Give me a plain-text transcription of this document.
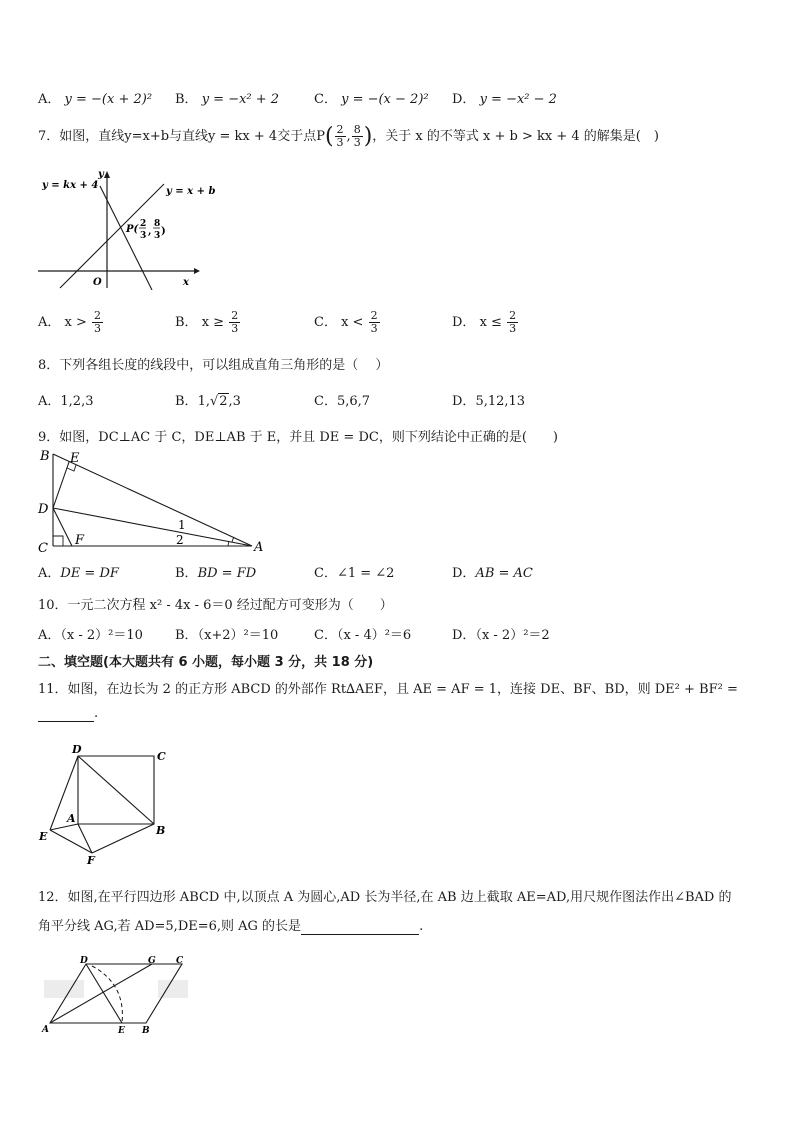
A． y = −(x + 2)² B． y = −x² + 2	C． y = −(x − 2)² D． y = −x² − 2
7．如图，直线y=x+b与直线y = kx + 4交于点$P( \frac{2}{3}$ , $\frac{8}{3}$ )，关于 x 的不等式 x + b > kx + 4 的解集是(　)
y = kx + 4
y = x + b
y
x
O
P( 2
3 ,
8
3 )
A． $x > \frac{2}{3}$	B． $x \ge \frac{2}{3}$	C． $x < \frac{2}{3}$	D． $x \le \frac{2}{3}$
8．下列各组长度的线段中，可以组成直角三角形的是（　 ）
A．1,2,3	B．1,√2,3	C．5,6,7	D．5,12,13
9．如图，DC⊥AC 于 C，DE⊥AB 于 E，并且 DE = DC，则下列结论中正确的是(　　)
B E
D
C
F	A
1
2
A．DE = DF	B．BD = FD	C．∠1 = ∠2	D．AB = AC
10．一元二次方程 x² - 4x - 6＝0 经过配方可变形为（　　）
A．（x - 2）²＝10 B．（x+2）²＝10	C．（x - 4）²＝6	D．（x - 2）²＝2
二、填空题(本大题共有 6 小题，每小题 3 分，共 18 分)
11．如图，在边长为 2 的正方形 ABCD 的外部作 Rt∆AEF，且 AE = AF = 1，连接 DE、BF、BD，则 DE² + BF² =
.
D
C
A
B
E
F
12．如图,在平行四边形 ABCD 中,以顶点 A 为圆心,AD 长为半径,在 AB 边上截取 AE=AD,用尺规作图法作出∠BAD 的
角平分线 AG,若 AD=5,DE=6,则 AG 的长是	.
D	G C
A	E B
